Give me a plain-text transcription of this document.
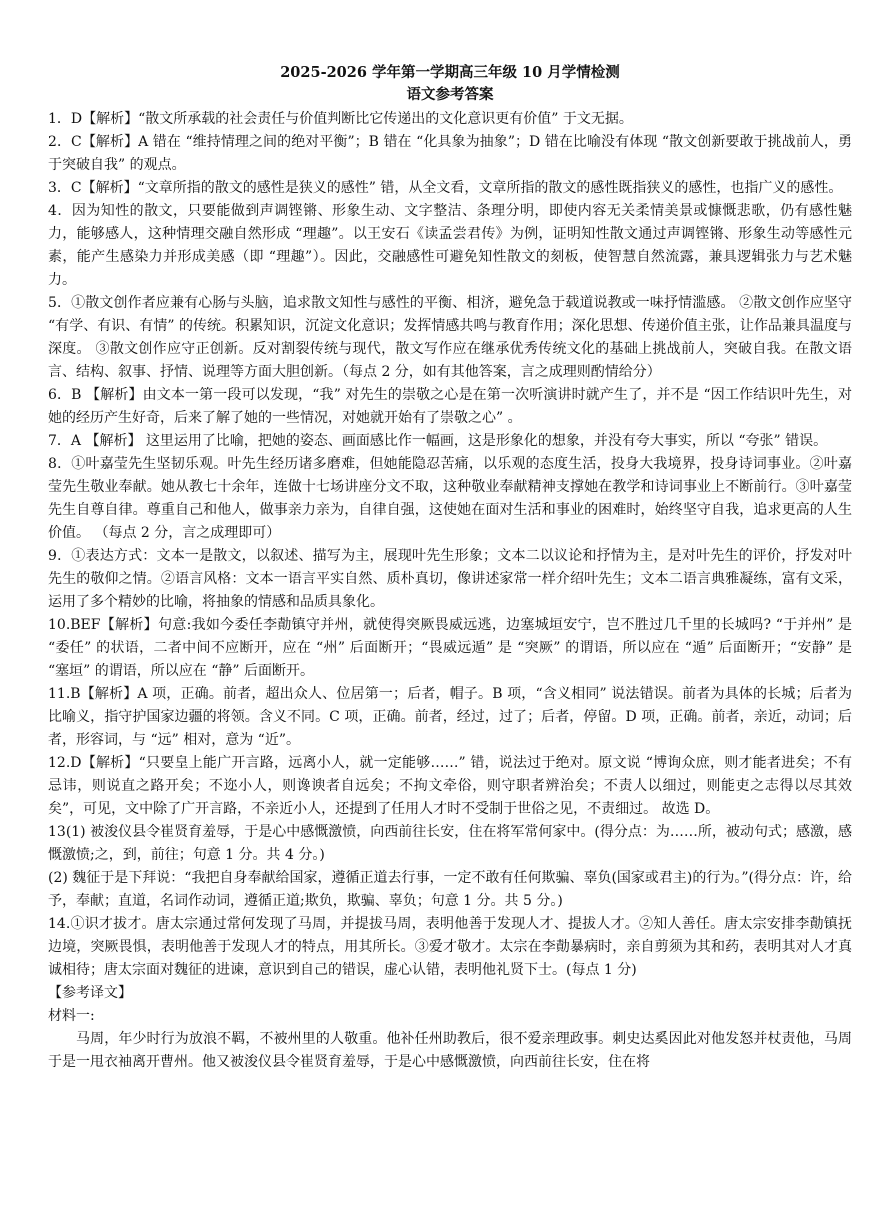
2025-2026 学年第一学期高三年级 10 月学情检测
语文参考答案

1．D【解析】“散文所承载的社会责任与价值判断比它传递出的文化意识更有价值” 于文无据。

2．C【解析】A 错在 “维持情理之间的绝对平衡”；B 错在 “化具象为抽象”；D 错在比喻没有体现 “散文创新要敢于挑战前人，勇于突破自我” 的观点。

3．C【解析】“文章所指的散文的感性是狭义的感性” 错，从全文看，文章所指的散文的感性既指狭义的感性，也指广义的感性。

4．因为知性的散文，只要能做到声调铿锵、形象生动、文字整洁、条理分明，即使内容无关柔情美景或慷慨悲歌，仍有感性魅力，能够感人，这种情理交融自然形成 “理趣”。以王安石《读孟尝君传》为例，证明知性散文通过声调铿锵、形象生动等感性元素，能产生感染力并形成美感（即 “理趣”）。因此，交融感性可避免知性散文的刻板，使智慧自然流露，兼具逻辑张力与艺术魅力。

5．①散文创作者应兼有心肠与头脑，追求散文知性与感性的平衡、相济，避免急于载道说教或一味抒情滥感。 ②散文创作应坚守 “有学、有识、有情” 的传统。积累知识，沉淀文化意识；发挥情感共鸣与教育作用；深化思想、传递价值主张，让作品兼具温度与深度。 ③散文创作应守正创新。反对割裂传统与现代，散文写作应在继承优秀传统文化的基础上挑战前人，突破自我。在散文语言、结构、叙事、抒情、说理等方面大胆创新。（每点 2 分，如有其他答案，言之成理则酌情给分）

6．B 【解析】由文本一第一段可以发现，“我” 对先生的崇敬之心是在第一次听演讲时就产生了，并不是 “因工作结识叶先生，对她的经历产生好奇，后来了解了她的一些情况，对她就开始有了崇敬之心” 。

7．A 【解析】 这里运用了比喻，把她的姿态、画面感比作一幅画，这是形象化的想象，并没有夸大事实，所以 “夸张” 错误。

8．①叶嘉莹先生坚韧乐观。叶先生经历诸多磨难，但她能隐忍苦痛，以乐观的态度生活，投身大我境界，投身诗词事业。②叶嘉莹先生敬业奉献。她从教七十余年，连做十七场讲座分文不取，这种敬业奉献精神支撑她在教学和诗词事业上不断前行。③叶嘉莹先生自尊自律。尊重自己和他人，做事亲力亲为，自律自强，这使她在面对生活和事业的困难时，始终坚守自我，追求更高的人生价值。 （每点 2 分，言之成理即可）

9．①表达方式：文本一是散文，以叙述、描写为主，展现叶先生形象；文本二以议论和抒情为主，是对叶先生的评价，抒发对叶先生的敬仰之情。②语言风格：文本一语言平实自然、质朴真切，像讲述家常一样介绍叶先生；文本二语言典雅凝练，富有文采，运用了多个精妙的比喻，将抽象的情感和品质具象化。

10.BEF【解析】句意:我如今委任李勣镇守并州，就使得突厥畏威远逃，边塞城垣安宁，岂不胜过几千里的长城吗? “于并州” 是 “委任” 的状语，二者中间不应断开，应在 “州” 后面断开；“畏威远遁” 是 “突厥” 的谓语，所以应在 “遁” 后面断开；“安静” 是 “塞垣” 的谓语，所以应在 “静” 后面断开。

11.B【解析】A 项，正确。前者，超出众人、位居第一；后者，帽子。B 项，“含义相同” 说法错误。前者为具体的长城；后者为比喻义，指守护国家边疆的将领。含义不同。C 项，正确。前者，经过，过了；后者，停留。D 项，正确。前者，亲近，动词；后者，形容词，与 “远” 相对，意为 “近”。

12.D【解析】“只要皇上能广开言路，远离小人，就一定能够……” 错，说法过于绝对。原文说 “博询众庶，则才能者进矣；不有忌讳，则说直之路开矣；不迩小人，则谗谀者自远矣；不拘文牵俗，则守职者辨治矣；不责人以细过，则能吏之志得以尽其效矣”，可见，文中除了广开言路，不亲近小人，还提到了任用人才时不受制于世俗之见，不责细过。 故选 D。

13(1) 被浚仪县令崔贤育羞辱，于是心中感慨激愤，向西前往长安，住在将军常何家中。(得分点：为……所，被动句式；感激，感慨激愤;之，到，前往；句意 1 分。共 4 分。)

(2) 魏征于是下拜说：“我把自身奉献给国家，遵循正道去行事，一定不敢有任何欺骗、辜负(国家或君主)的行为。”(得分点：许，给予，奉献；直道，名词作动词，遵循正道;欺负，欺骗、辜负；句意 1 分。共 5 分。)

14.①识才拔才。唐太宗通过常何发现了马周，并提拔马周，表明他善于发现人才、提拔人才。②知人善任。唐太宗安排李勣镇抚边境，突厥畏惧，表明他善于发现人才的特点，用其所长。③爱才敬才。太宗在李勣暴病时，亲自剪须为其和药，表明其对人才真诚相待；唐太宗面对魏征的进谏，意识到自己的错误，虚心认错，表明他礼贤下士。(每点 1 分)

【参考译文】

材料一:

马周，年少时行为放浪不羁，不被州里的人敬重。他补任州助教后，很不爱亲理政事。刺史达奚因此对他发怒并杖责他，马周于是一甩衣袖离开曹州。他又被浚仪县令崔贤育羞辱，于是心中感慨激愤，向西前往长安，住在将
